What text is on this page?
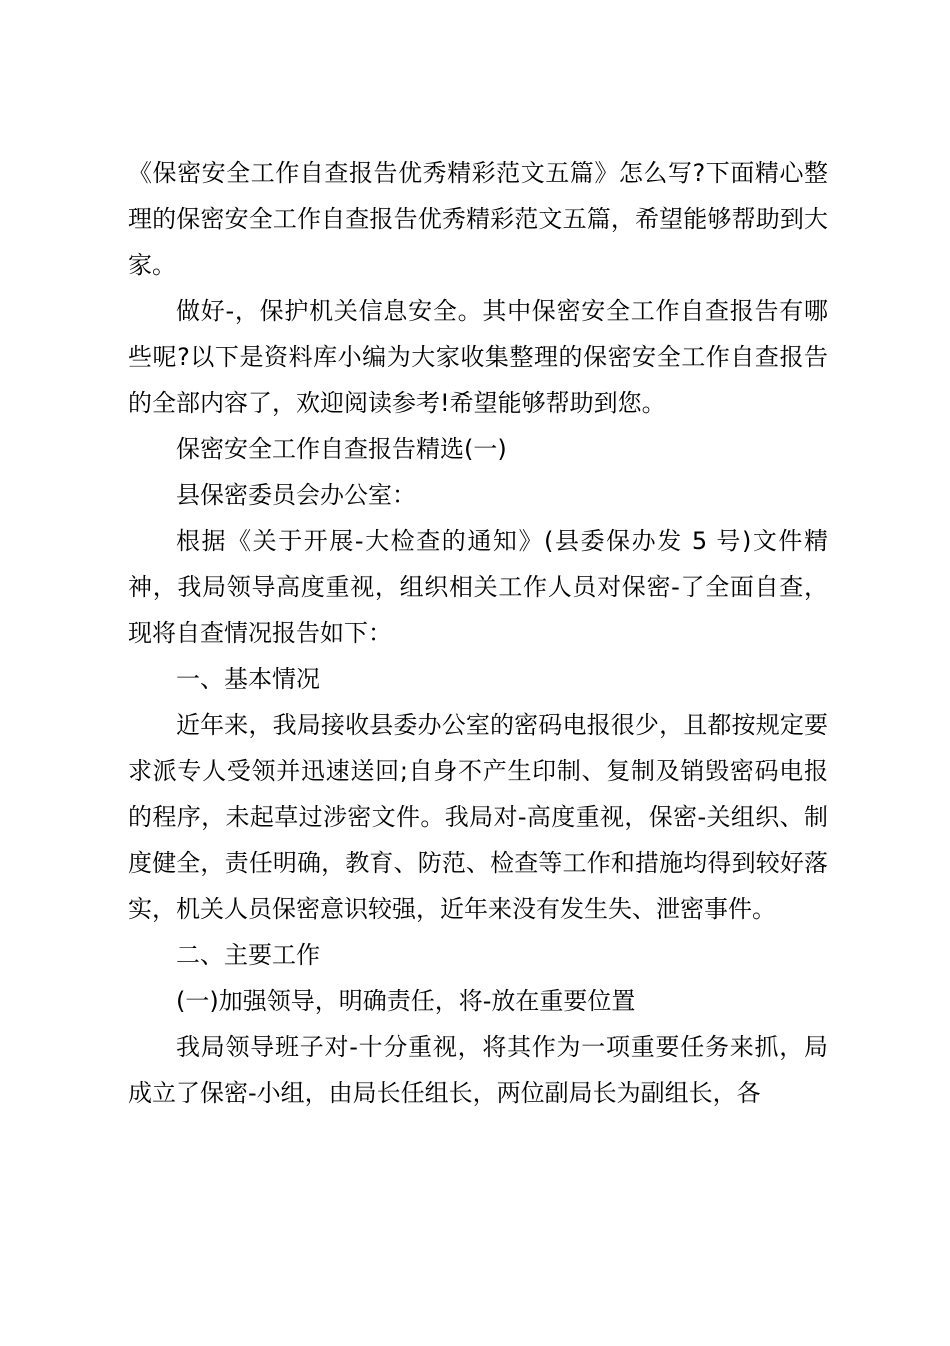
《保密安全工作自查报告优秀精彩范文五篇》怎么写?下面精心整理的保密安全工作自查报告优秀精彩范文五篇，希望能够帮助到大家。

做好-，保护机关信息安全。其中保密安全工作自查报告有哪些呢?以下是资料库小编为大家收集整理的保密安全工作自查报告的全部内容了，欢迎阅读参考!希望能够帮助到您。

保密安全工作自查报告精选(一)

县保密委员会办公室：

根据《关于开展-大检查的通知》(县委保办发 5 号)文件精神，我局领导高度重视，组织相关工作人员对保密-了全面自查，现将自查情况报告如下：

一、基本情况

近年来，我局接收县委办公室的密码电报很少，且都按规定要求派专人受领并迅速送回;自身不产生印制、复制及销毁密码电报的程序，未起草过涉密文件。我局对-高度重视，保密-关组织、制度健全，责任明确，教育、防范、检查等工作和措施均得到较好落实，机关人员保密意识较强，近年来没有发生失、泄密事件。

二、主要工作

(一)加强领导，明确责任，将-放在重要位置

我局领导班子对-十分重视，将其作为一项重要任务来抓，局成立了保密-小组，由局长任组长，两位副局长为副组长，各
